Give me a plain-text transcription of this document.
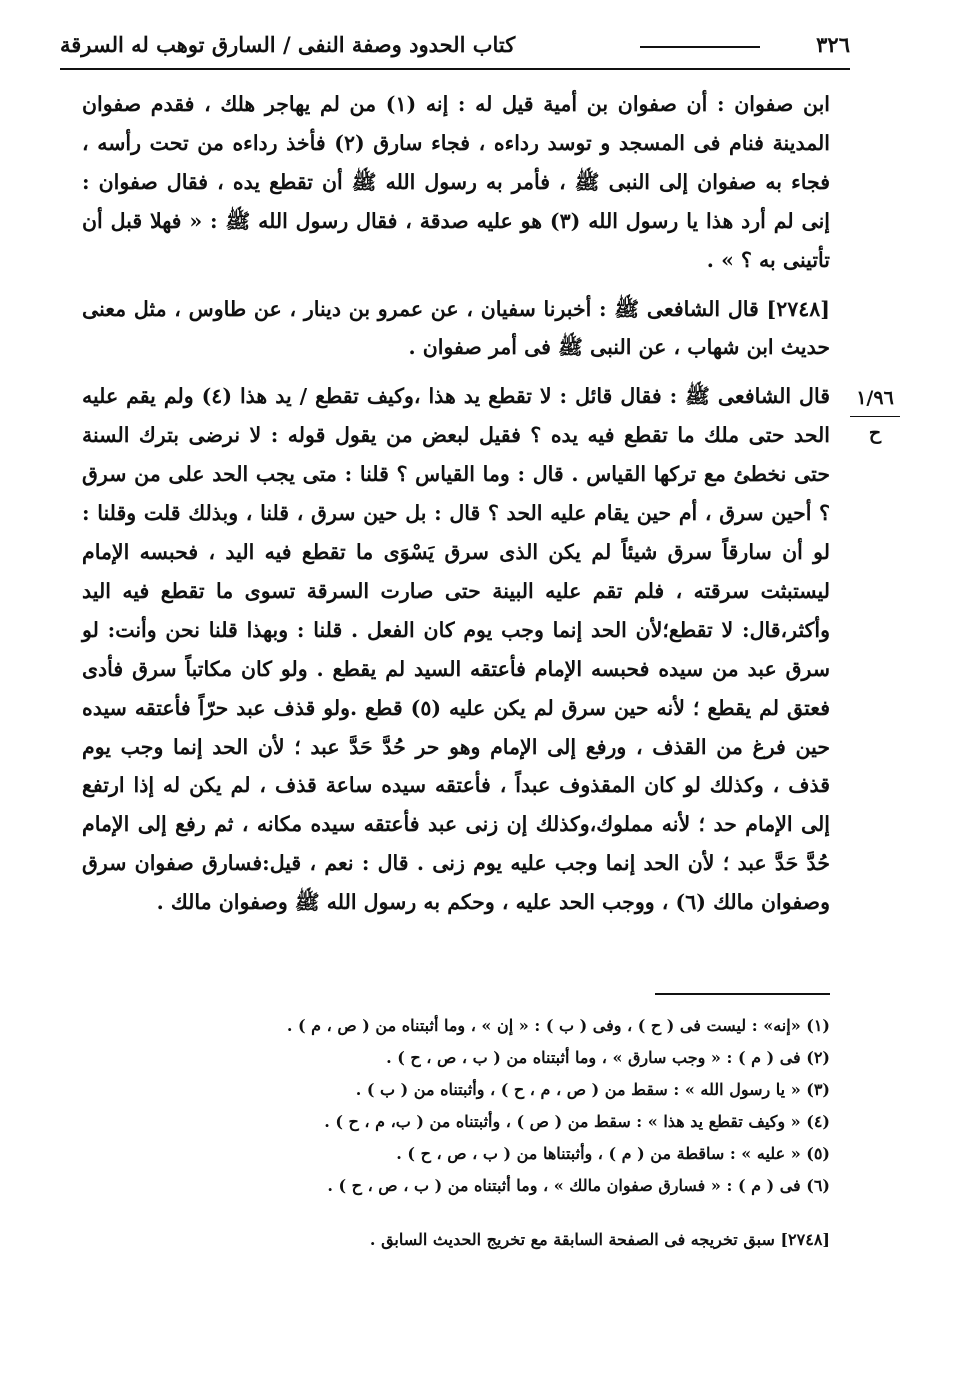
٣٢٦
كتاب الحدود وصفة النفى / السارق توهب له السرقة

ابن صفوان : أن صفوان بن أمية قيل له : إنه (١) من لم يهاجر هلك ، فقدم صفوان المدينة فنام فى المسجد و توسد رداءه ، فجاء سارق (٢) فأخذ رداءه من تحت رأسه ، فجاء به صفوان إلى النبى ﷺ ، فأمر به رسول الله ﷺ أن تقطع يده ، فقال صفوان : إنى لم أرد هذا يا رسول الله (٣) هو عليه صدقة ، فقال رسول الله ﷺ : « فهلا قبل أن تأتينى به ؟ » .

[٢٧٤٨] قال الشافعى ﷺ : أخبرنا سفيان ، عن عمرو بن دينار ، عن طاوس ، مثل معنى حديث ابن شهاب ، عن النبى ﷺ فى أمر صفوان .

قال الشافعى ﷺ : فقال قائل : لا تقطع يد هذا ،وكيف تقطع / يد هذا (٤) ولم يقم عليه الحد حتى ملك ما تقطع فيه يده ؟ فقيل لبعض من يقول قوله : لا نرضى بترك السنة حتى نخطئ مع تركها القياس . قال : وما القياس ؟ قلنا : متى يجب الحد على من سرق ؟ أحين سرق ، أم حين يقام عليه الحد ؟ قال : بل حين سرق ، قلنا ، وبذلك قلت وقلنا : لو أن سارقاً سرق شيئاً لم يكن الذى سرق يَسْوَى ما تقطع فيه اليد ، فحبسه الإمام ليستبثت سرقته ، فلم تقم عليه البينة حتى صارت السرقة تسوى ما تقطع فيه اليد وأكثر،قال: لا تقطع؛لأن الحد إنما وجب يوم كان الفعل . قلنا : وبهذا قلنا نحن وأنت: لو سرق عبد من سيده فحبسه الإمام فأعتقه السيد لم يقطع . ولو كان مكاتباً سرق فأدى فعتق لم يقطع ؛ لأنه حين سرق لم يكن عليه (٥) قطع .ولو قذف عبد حرّاً فأعتقه سيده حين فرغ من القذف ، ورفع إلى الإمام وهو حر حُدَّ حَدَّ عبد ؛ لأن الحد إنما وجب يوم قذف ، وكذلك لو كان المقذوف عبداً ، فأعتقه سيده ساعة قذف ، لم يكن له إذا ارتفع إلى الإمام حد ؛ لأنه مملوك،وكذلك إن زنى عبد فأعتقه سيده مكانه ، ثم رفع إلى الإمام حُدَّ حَدَّ عبد ؛ لأن الحد إنما وجب عليه يوم زنى . قال : نعم ، قيل:فسارق صفوان سرق وصفوان مالك (٦) ، ووجب الحد عليه ، وحكم به رسول الله ﷺ وصفوان مالك .

١/٩٦
ح
(١) «إنه» : ليست فى ( ح ) ، وفى ( ب ) : « إن » ، وما أثبتناه من ( ص ، م ) .
(٢) فى ( م ) : « وجب سارق » ، وما أثبتناه من ( ب ، ص ، ح ) .
(٣) « يا رسول الله » : سقط من ( ص ، م ، ح ) ، وأثبتناه من ( ب ) .
(٤) « وكيف تقطع يد هذا » : سقط من ( ص ) ، وأثبتناه من ( ب، م ، ح ) .
(٥) « عليه » : ساقطة من ( م ) ، وأثبتناها من ( ب ، ص ، ح ) .
(٦) فى ( م ) : « فسارق صفوان مالك » ، وما أثبتناه من ( ب ، ص ، ح ) .
[٢٧٤٨] سبق تخريجه فى الصفحة السابقة مع تخريج الحديث السابق .
